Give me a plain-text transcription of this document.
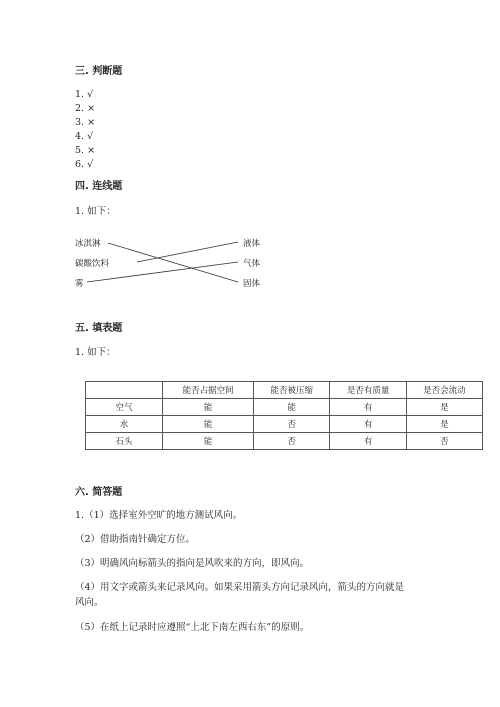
三. 判断题
1. √
2. ×
3. ×
4. √
5. ×
6. √
四. 连线题
1. 如下：
冰淇淋
碳酸饮料
雾
液体
气体
固体
五. 填表题
1. 如下：
	能否占据空间	能否被压缩	是否有质量	是否会流动
空气	能	能	有	是
水	能	否	有	是
石头	能	否	有	否
六. 简答题
1.（1）选择室外空旷的地方测试风向。
（2）借助指南针确定方位。
（3）明确风向标箭头的指向是风吹来的方向，即风向。
（4）用文字或箭头来记录风向。如果采用箭头方向记录风向，箭头的方向就是
风向。
（5）在纸上记录时应遵照“上北下南左西右东”的原则。
